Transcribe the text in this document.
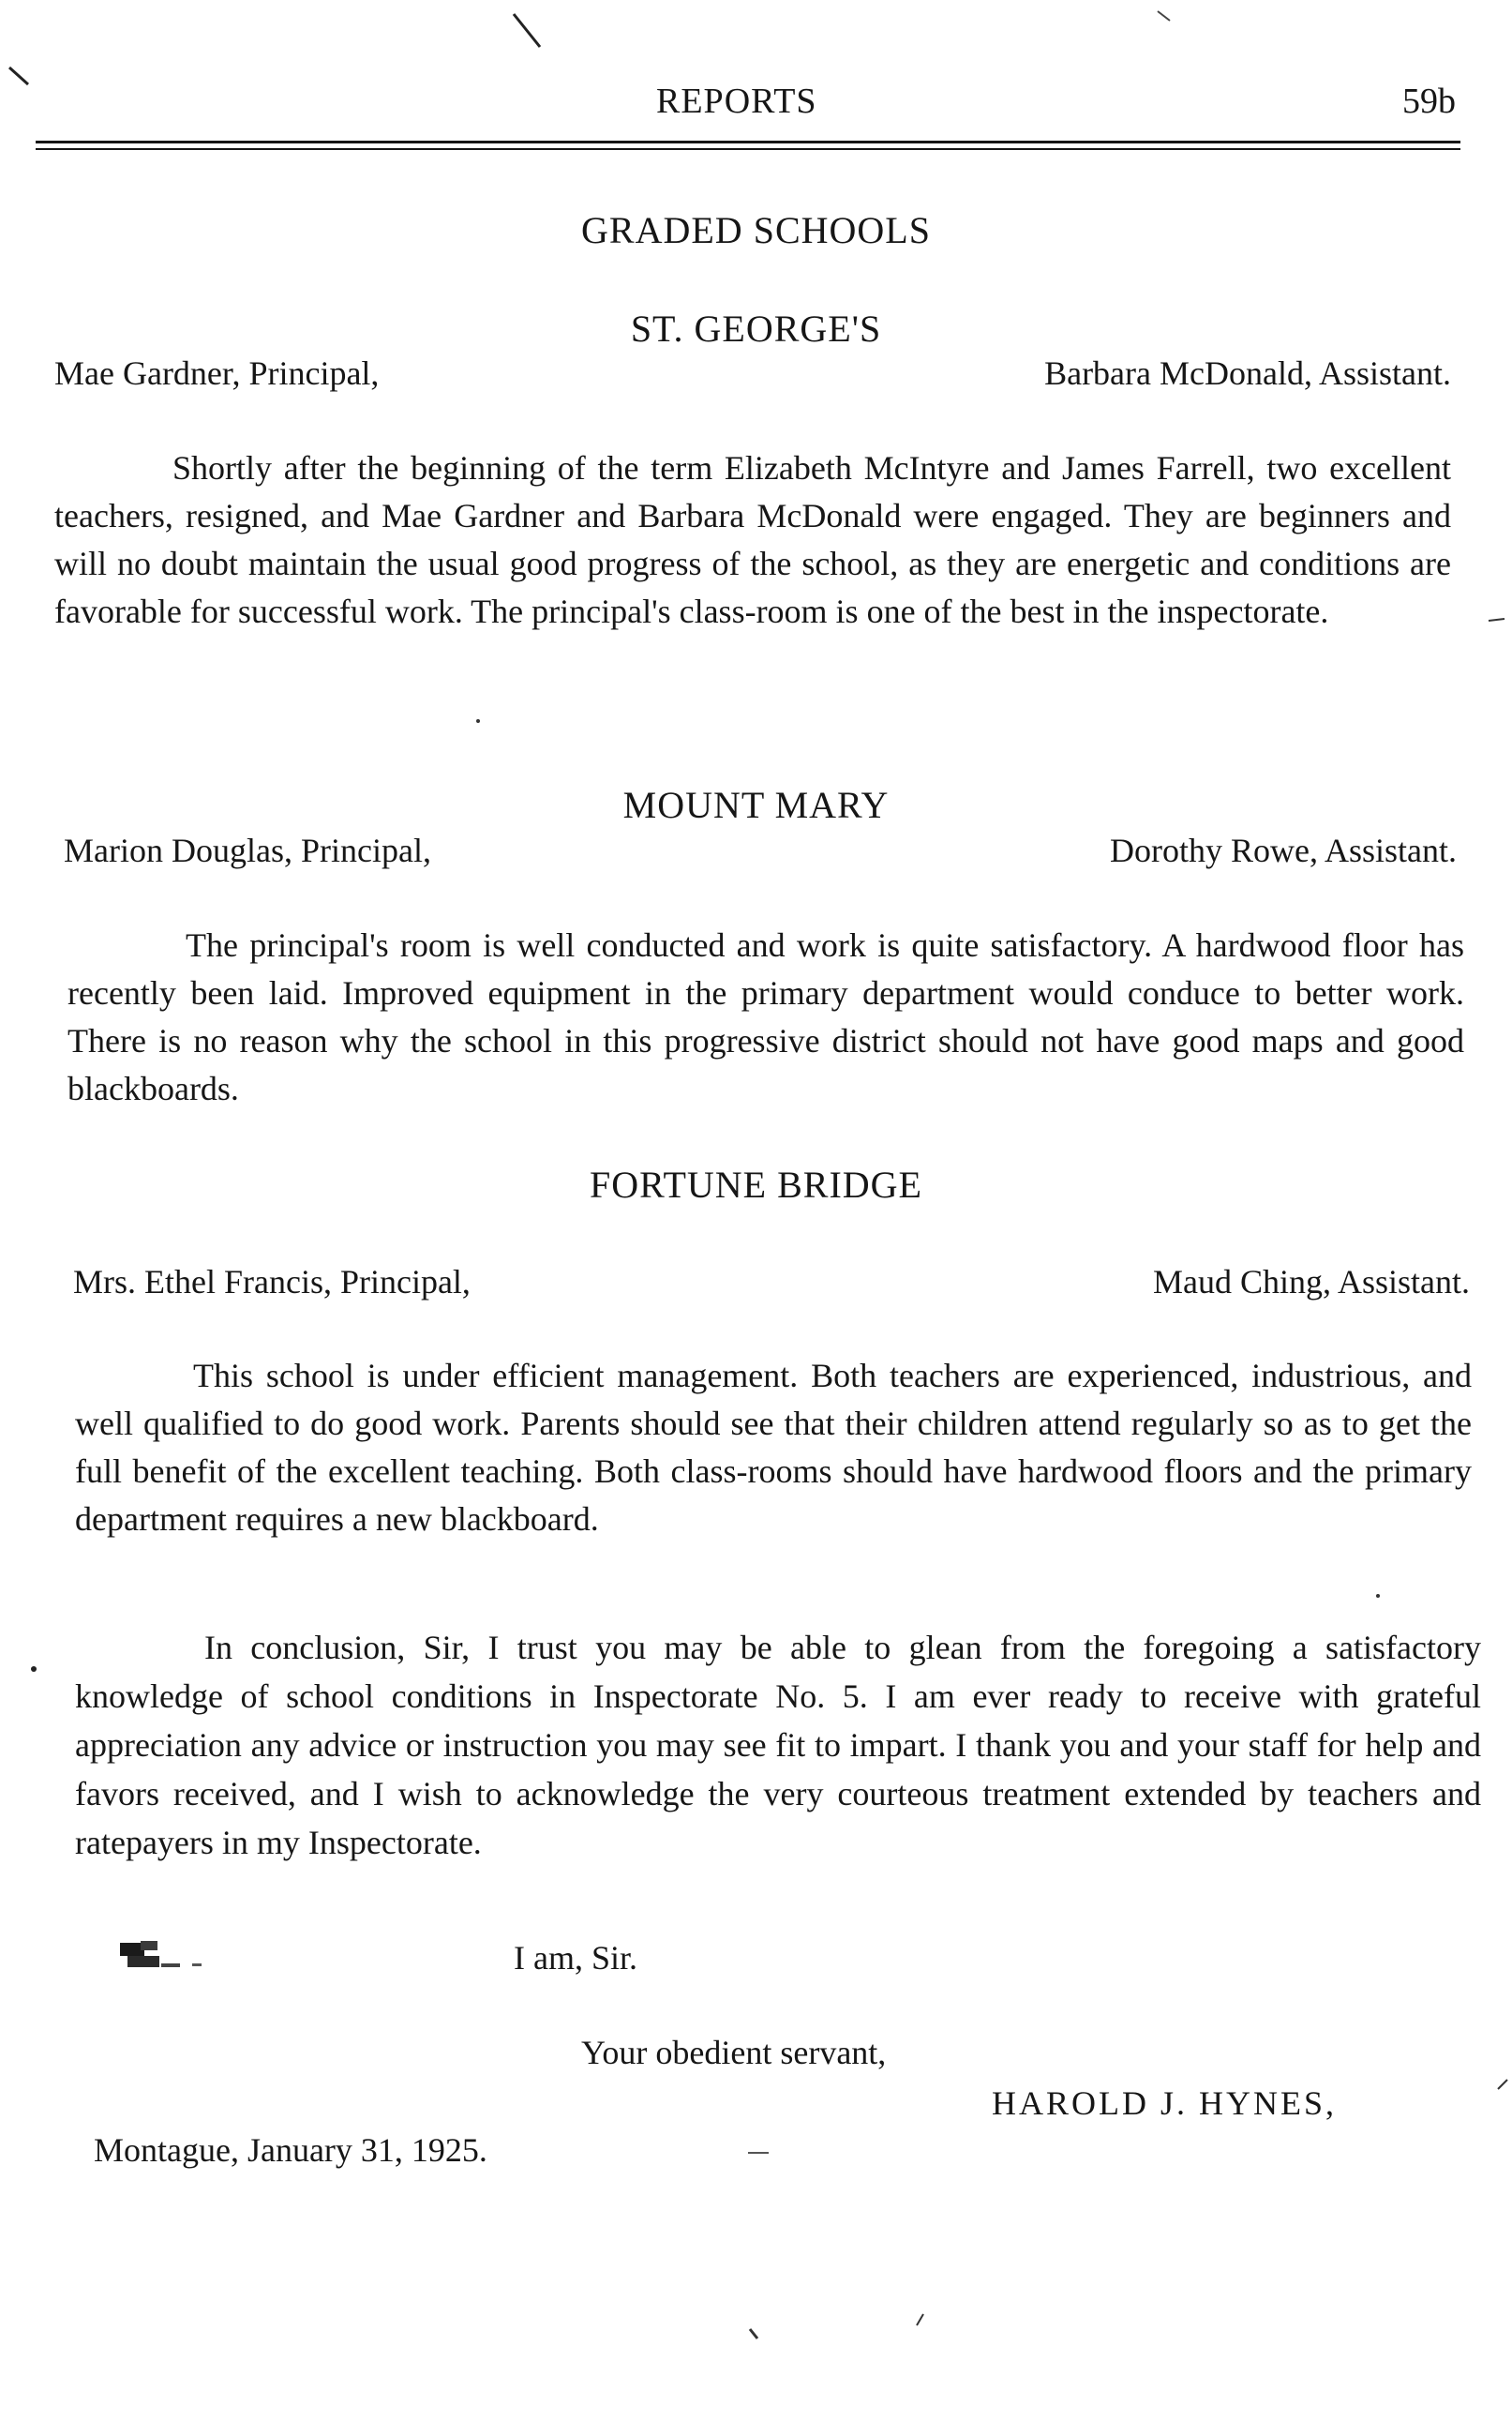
REPORTS	59b
GRADED SCHOOLS
ST. GEORGE'S
Mae Gardner, Principal,	Barbara McDonald, Assistant.

Shortly after the beginning of the term Elizabeth McIntyre and James Farrell, two excellent teachers, resigned, and Mae Gardner and Barbara McDonald were engaged. They are beginners and will no doubt maintain the usual good progress of the school, as they are energetic and conditions are favorable for successful work. The principal's class-room is one of the best in the inspectorate.

MOUNT MARY
Marion Douglas, Principal,	Dorothy Rowe, Assistant.

The principal's room is well conducted and work is quite satisfactory. A hardwood floor has recently been laid. Improved equipment in the primary department would conduce to better work. There is no reason why the school in this progressive district should not have good maps and good blackboards.

FORTUNE BRIDGE
Mrs. Ethel Francis, Principal,	Maud Ching, Assistant.

This school is under efficient management. Both teachers are experienced, industrious, and well qualified to do good work. Parents should see that their children attend regularly so as to get the full benefit of the excellent teaching. Both class-rooms should have hardwood floors and the primary department requires a new blackboard.

In conclusion, Sir, I trust you may be able to glean from the foregoing a satisfactory knowledge of school conditions in Inspectorate No. 5. I am ever ready to receive with grateful appreciation any advice or instruction you may see fit to impart. I thank you and your staff for help and favors received, and I wish to acknowledge the very courteous treatment extended by teachers and ratepayers in my Inspectorate.

I am, Sir.
Your obedient servant,
HAROLD J. HYNES,
Montague, January 31, 1925.
